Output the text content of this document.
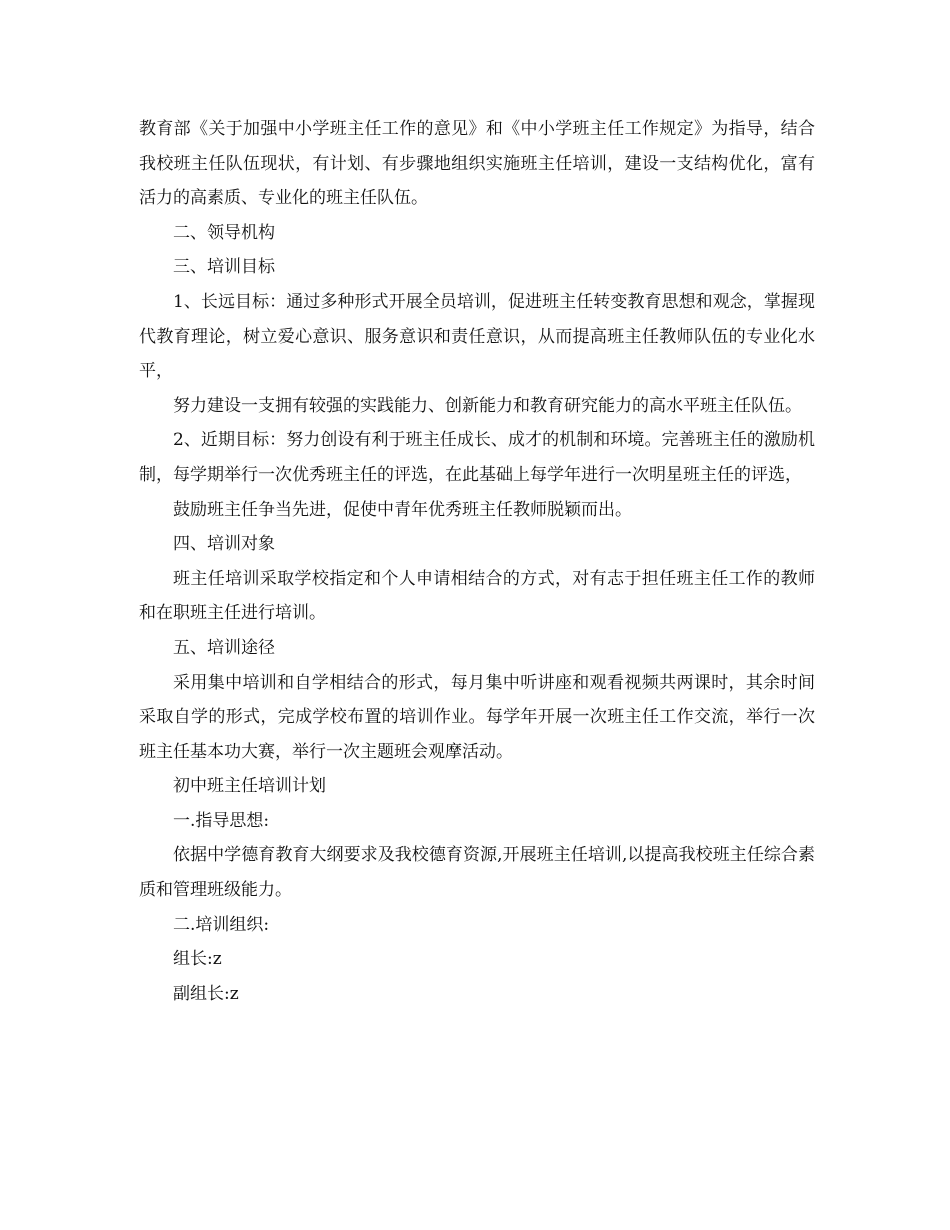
教育部《关于加强中小学班主任工作的意见》和《中小学班主任工作规定》为指导，结合我校班主任队伍现状，有计划、有步骤地组织实施班主任培训，建设一支结构优化，富有活力的高素质、专业化的班主任队伍。

二、领导机构

三、培训目标

1、长远目标：通过多种形式开展全员培训，促进班主任转变教育思想和观念，掌握现代教育理论，树立爱心意识、服务意识和责任意识，从而提高班主任教师队伍的专业化水平，

努力建设一支拥有较强的实践能力、创新能力和教育研究能力的高水平班主任队伍。

2、近期目标：努力创设有利于班主任成长、成才的机制和环境。完善班主任的激励机制，每学期举行一次优秀班主任的评选，在此基础上每学年进行一次明星班主任的评选，

鼓励班主任争当先进，促使中青年优秀班主任教师脱颖而出。

四、培训对象

班主任培训采取学校指定和个人申请相结合的方式，对有志于担任班主任工作的教师和在职班主任进行培训。

五、培训途径

采用集中培训和自学相结合的形式，每月集中听讲座和观看视频共两课时，其余时间采取自学的形式，完成学校布置的培训作业。每学年开展一次班主任工作交流，举行一次班主任基本功大赛，举行一次主题班会观摩活动。

初中班主任培训计划

一.指导思想:

依据中学德育教育大纲要求及我校德育资源,开展班主任培训,以提高我校班主任综合素质和管理班级能力。

二.培训组织:

组长:z

副组长:z
